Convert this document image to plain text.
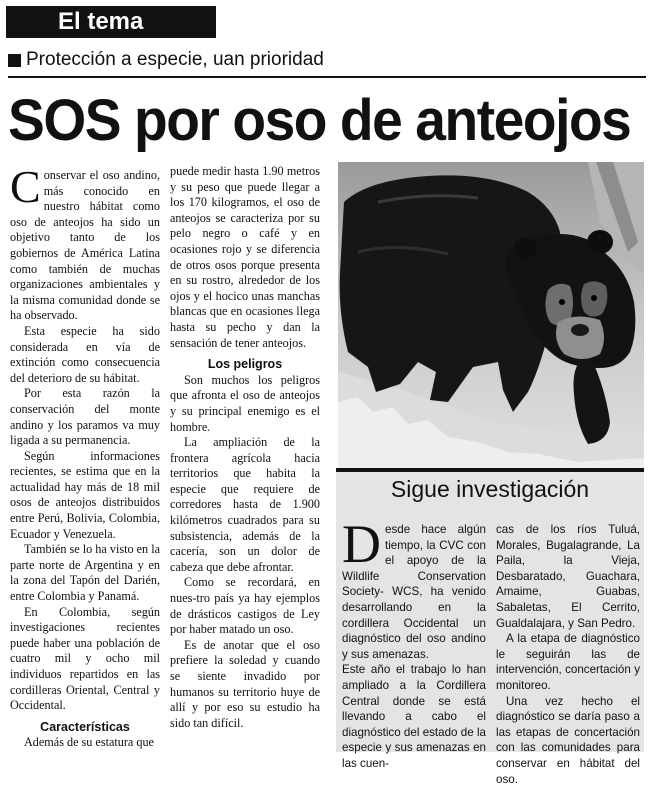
El tema
Protección a especie, uan prioridad
SOS por oso de anteojos

Conservar el oso andino, más conocido en nuestro hábitat como oso de anteojos ha sido un objetivo tanto de los gobiernos de América Latina como también de muchas organizaciones ambientales y la misma comunidad donde se ha observado.

Esta especie ha sido considerada en vía de extinción como consecuencia del deterioro de su hábitat.

Por esta razón la conservación del monte andino y los paramos va muy ligada a su permanencia.

Según informaciones recientes, se estima que en la actualidad hay más de 18 mil osos de anteojos distribuidos entre Perú, Bolivia, Colombia, Ecuador y Venezuela.

También se lo ha visto en la parte norte de Argentina y en la zona del Tapón del Darién, entre Colombia y Panamá.

En Colombia, según investigaciones recientes puede haber una población de cuatro mil y ocho mil individuos repartidos en las cordilleras Oriental, Central y Occidental.

Características

Además de su estatura que

puede medir hasta 1.90 metros y su peso que puede llegar a los 170 kilogramos, el oso de anteojos se caracteriza por su pelo negro o café y en ocasiones rojo y se diferencia de otros osos porque presenta en su rostro, alrededor de los ojos y el hocico unas manchas blancas que en ocasiones llega hasta su pecho y dan la sensación de tener anteojos.

Los peligros

Son muchos los peligros que afronta el oso de anteojos y su principal enemigo es el hombre.

La ampliación de la frontera agrícola hacia territorios que habita la especie que requiere de corredores hasta de 1.900 kilómetros cuadrados para su subsistencia, además de la cacería, son un dolor de cabeza que debe afrontar.

Como se recordará, en nues-tro país ya hay ejemplos de drásticos castigos de Ley por haber matado un oso.

Es de anotar que el oso prefiere la soledad y cuando se siente invadido por humanos su territorio huye de allí y por eso su estudio ha sido tan difícil.

Sigue investigación

Desde hace algún tiempo, la CVC con el apoyo de la Wildlife Conservation Society- WCS, ha venido desarrollando en la cordillera Occidental un diagnóstico del oso andino y sus amenazas.

Este año el trabajo lo han ampliado a la Cordillera Central donde se está llevando a cabo el diagnóstico del estado de la especie y sus amenazas en las cuen-

cas de los ríos Tuluá, Morales, Bugalagrande, La Paila, la Vieja, Desbaratado, Guachara, Amaime, Guabas, Sabaletas, El Cerrito, Gualdalajara, y San Pedro.

A la etapa de diagnóstico le seguirán las de intervención, concertación y monitoreo.

Una vez hecho el diagnóstico se daría paso a las etapas de concertación con las comunidades para conservar en hábitat del oso.
